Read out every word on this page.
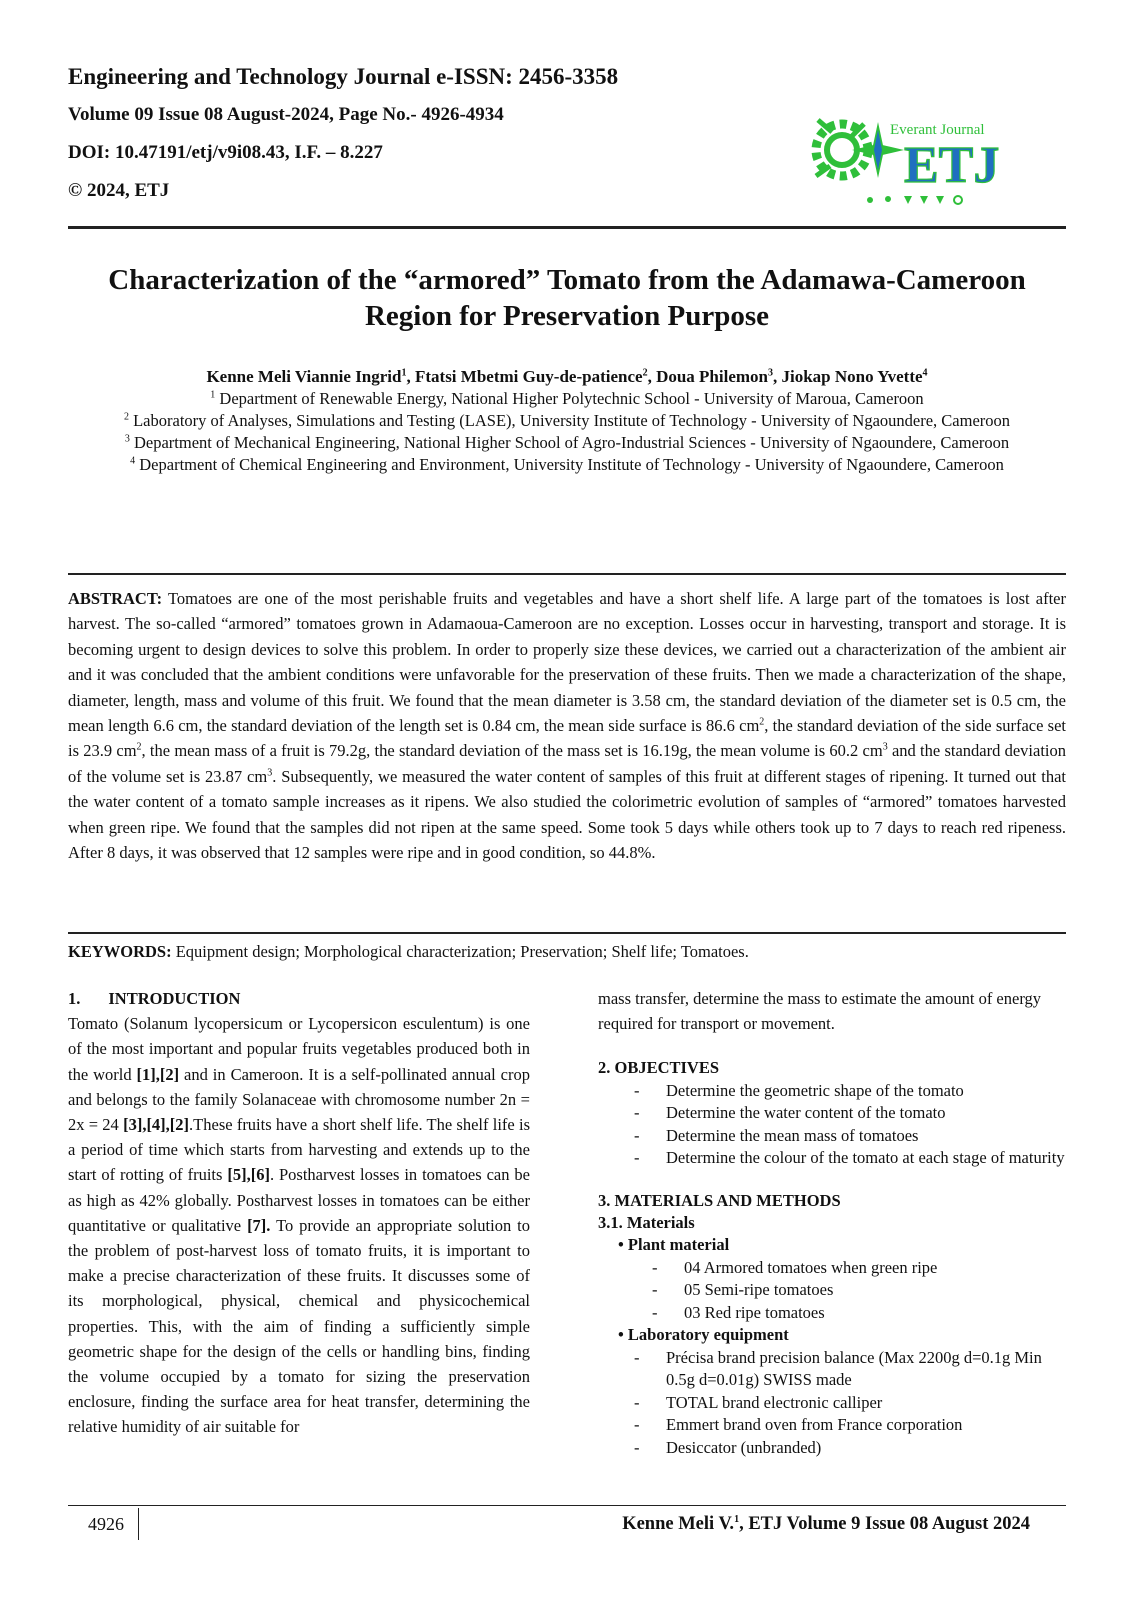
Engineering and Technology Journal e-ISSN: 2456-3358
Volume 09 Issue 08 August-2024, Page No.- 4926-4934
DOI: 10.47191/etj/v9i08.43, I.F. – 8.227
© 2024, ETJ
Everant Journal
ETJ
Characterization of the “armored” Tomato from the Adamawa-Cameroon Region for Preservation Purpose
Kenne Meli Viannie Ingrid$^1$, Ftatsi Mbetmi Guy-de-patience$^2$, Doua Philemon$^3$, Jiokap Nono Yvette$^4$
$^1$ Department of Renewable Energy, National Higher Polytechnic School - University of Maroua, Cameroon
$^2$ Laboratory of Analyses, Simulations and Testing (LASE), University Institute of Technology - University of Ngaoundere, Cameroon
$^3$ Department of Mechanical Engineering, National Higher School of Agro-Industrial Sciences - University of Ngaoundere, Cameroon
$^4$ Department of Chemical Engineering and Environment, University Institute of Technology - University of Ngaoundere, Cameroon
ABSTRACT: Tomatoes are one of the most perishable fruits and vegetables and have a short shelf life. A large part of the tomatoes is lost after harvest. The so-called “armored” tomatoes grown in Adamaoua-Cameroon are no exception. Losses occur in harvesting, transport and storage. It is becoming urgent to design devices to solve this problem. In order to properly size these devices, we carried out a characterization of the ambient air and it was concluded that the ambient conditions were unfavorable for the preservation of these fruits. Then we made a characterization of the shape, diameter, length, mass and volume of this fruit. We found that the mean diameter is 3.58 cm, the standard deviation of the diameter set is 0.5 cm, the mean length 6.6 cm, the standard deviation of the length set is 0.84 cm, the mean side surface is 86.6 $cm^2$, the standard deviation of the side surface set is 23.9 $cm^2$, the mean mass of a fruit is 79.2g, the standard deviation of the mass set is 16.19g, the mean volume is 60.2 $cm^3$ and the standard deviation of the volume set is 23.87 $cm^3$. Subsequently, we measured the water content of samples of this fruit at different stages of ripening. It turned out that the water content of a tomato sample increases as it ripens. We also studied the colorimetric evolution of samples of “armored” tomatoes harvested when green ripe. We found that the samples did not ripen at the same speed. Some took 5 days while others took up to 7 days to reach red ripeness. After 8 days, it was observed that 12 samples were ripe and in good condition, so 44.8%.
KEYWORDS: Equipment design; Morphological characterization; Preservation; Shelf life; Tomatoes.
1. INTRODUCTION
Tomato (Solanum lycopersicum or Lycopersicon esculentum) is one of the most important and popular fruits vegetables produced both in the world [1],[2] and in Cameroon. It is a self-pollinated annual crop and belongs to the family Solanaceae with chromosome number 2n = 2x = 24 [3],[4],[2].These fruits have a short shelf life. The shelf life is a period of time which starts from harvesting and extends up to the start of rotting of fruits [5],[6]. Postharvest losses in tomatoes can be as high as 42% globally. Postharvest losses in tomatoes can be either quantitative or qualitative [7]. To provide an appropriate solution to the problem of post-harvest loss of tomato fruits, it is important to make a precise characterization of these fruits. It discusses some of its morphological, physical, chemical and physicochemical properties. This, with the aim of finding a sufficiently simple geometric shape for the design of the cells or handling bins, finding the volume occupied by a tomato for sizing the preservation enclosure, finding the surface area for heat transfer, determining the relative humidity of air suitable for
mass transfer, determine the mass to estimate the amount of energy required for transport or movement.
2. OBJECTIVES
- Determine the geometric shape of the tomato
- Determine the water content of the tomato
- Determine the mean mass of tomatoes
- Determine the colour of the tomato at each stage of maturity
3. MATERIALS AND METHODS
3.1. Materials
• Plant material
- 04 Armored tomatoes when green ripe
- 05 Semi-ripe tomatoes
- 03 Red ripe tomatoes
• Laboratory equipment
- Précisa brand precision balance (Max 2200g d=0.1g Min 0.5g d=0.01g) SWISS made
- TOTAL brand electronic calliper
- Emmert brand oven from France corporation
- Desiccator (unbranded)
4926	Kenne Meli V.$^1$, ETJ Volume 9 Issue 08 August 2024
